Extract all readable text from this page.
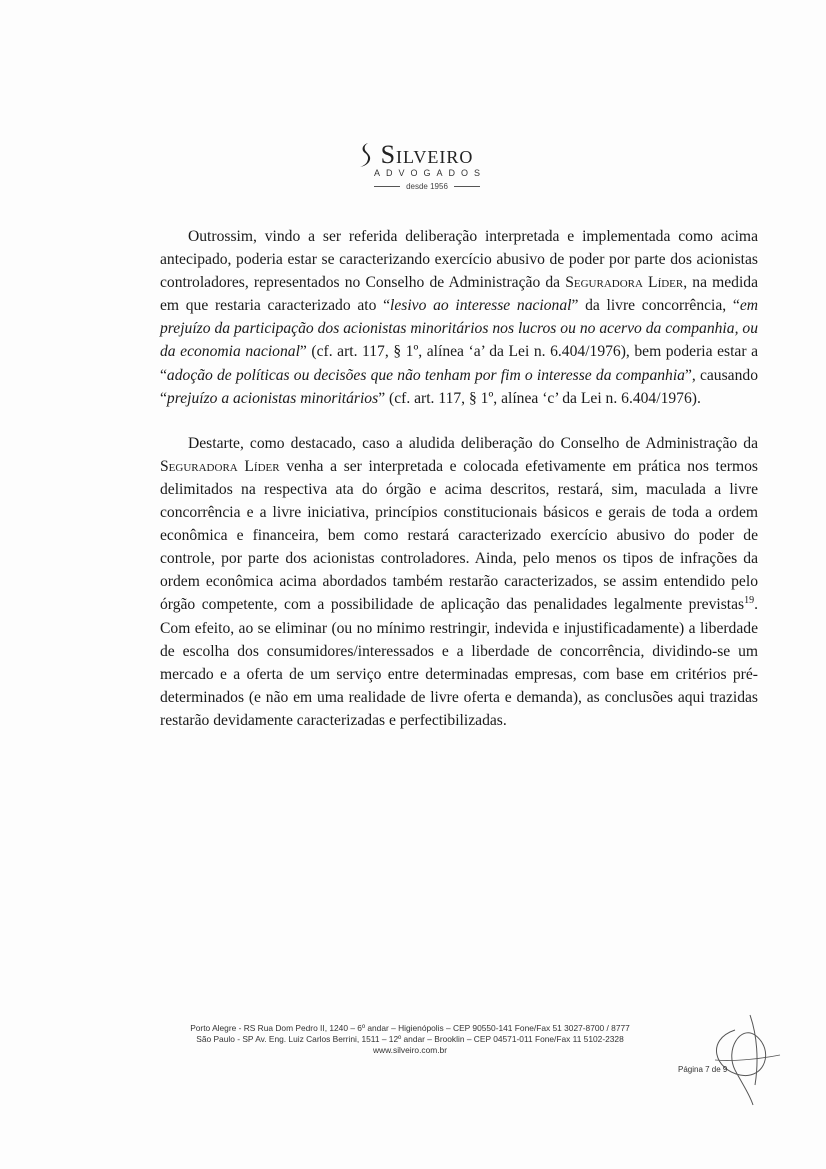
Silveiro
ADVOGADOS
desde 1956

Outrossim, vindo a ser referida deliberação interpretada e implementada como acima antecipado, poderia estar se caracterizando exercício abusivo de poder por parte dos acionistas controladores, representados no Conselho de Administração da Seguradora Líder, na medida em que restaria caracterizado ato “lesivo ao interesse nacional” da livre concorrência, “em prejuízo da participação dos acionistas minoritários nos lucros ou no acervo da companhia, ou da economia nacional” (cf. art. 117, § 1º, alínea ‘a’ da Lei n. 6.404/1976), bem poderia estar a “adoção de políticas ou decisões que não tenham por fim o interesse da companhia”, causando “prejuízo a acionistas minoritários” (cf. art. 117, § 1º, alínea ‘c’ da Lei n. 6.404/1976).

Destarte, como destacado, caso a aludida deliberação do Conselho de Administração da Seguradora Líder venha a ser interpretada e colocada efetivamente em prática nos termos delimitados na respectiva ata do órgão e acima descritos, restará, sim, maculada a livre concorrência e a livre iniciativa, princípios constitucionais básicos e gerais de toda a ordem econômica e financeira, bem como restará caracterizado exercício abusivo do poder de controle, por parte dos acionistas controladores. Ainda, pelo menos os tipos de infrações da ordem econômica acima abordados também restarão caracterizados, se assim entendido pelo órgão competente, com a possibilidade de aplicação das penalidades legalmente previstas$^{19}$. Com efeito, ao se eliminar (ou no mínimo restringir, indevida e injustificadamente) a liberdade de escolha dos consumidores/interessados e a liberdade de concorrência, dividindo-se um mercado e a oferta de um serviço entre determinadas empresas, com base em critérios pré-determinados (e não em uma realidade de livre oferta e demanda), as conclusões aqui trazidas restarão devidamente caracterizadas e perfectibilizadas.

Porto Alegre - RS Rua Dom Pedro II, 1240 – 6º andar – Higienópolis – CEP 90550-141 Fone/Fax 51 3027-8700 / 8777
São Paulo - SP Av. Eng. Luiz Carlos Berrini, 1511 – 12º andar – Brooklin – CEP 04571-011 Fone/Fax 11 5102-2328
www.silveiro.com.br
Página 7 de 9
